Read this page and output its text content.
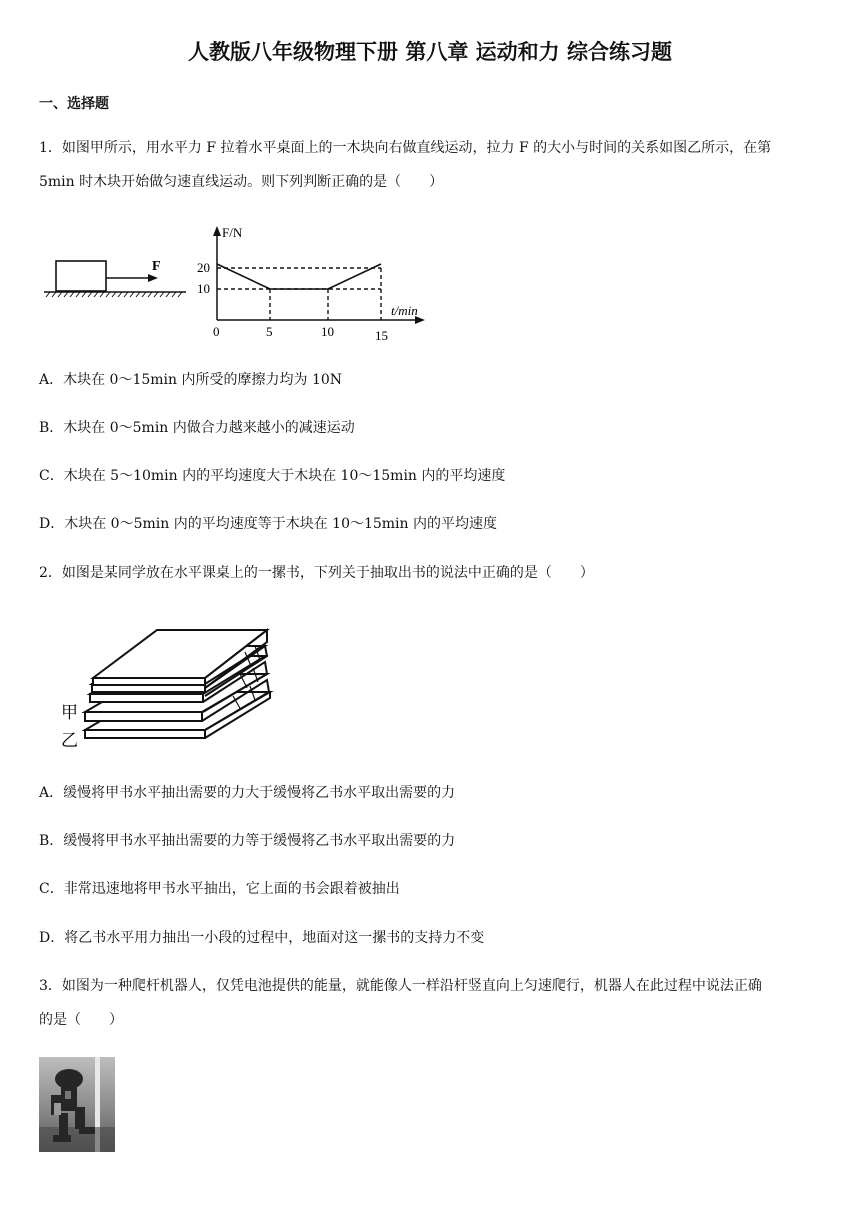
人教版八年级物理下册 第八章 运动和力 综合练习题
一、选择题
1．如图甲所示，用水平力 F 拉着水平桌面上的一木块向右做直线运动，拉力 F 的大小与时间的关系如图乙所示，在第
5min 时木块开始做匀速直线运动。则下列判断正确的是（　　）
F
F/N
t/min
20
10
0	5	10	15
A．木块在 0～15min 内所受的摩擦力均为 10N
B．木块在 0～5min 内做合力越来越小的减速运动
C．木块在 5～10min 内的平均速度大于木块在 10～15min 内的平均速度
D．木块在 0～5min 内的平均速度等于木块在 10～15min 内的平均速度
2．如图是某同学放在水平课桌上的一摞书，下列关于抽取出书的说法中正确的是（　　）
甲
乙
A．缓慢将甲书水平抽出需要的力大于缓慢将乙书水平取出需要的力
B．缓慢将甲书水平抽出需要的力等于缓慢将乙书水平取出需要的力
C．非常迅速地将甲书水平抽出，它上面的书会跟着被抽出
D．将乙书水平用力抽出一小段的过程中，地面对这一摞书的支持力不变
3．如图为一种爬杆机器人，仅凭电池提供的能量，就能像人一样沿杆竖直向上匀速爬行，机器人在此过程中说法正确
的是（　　）
